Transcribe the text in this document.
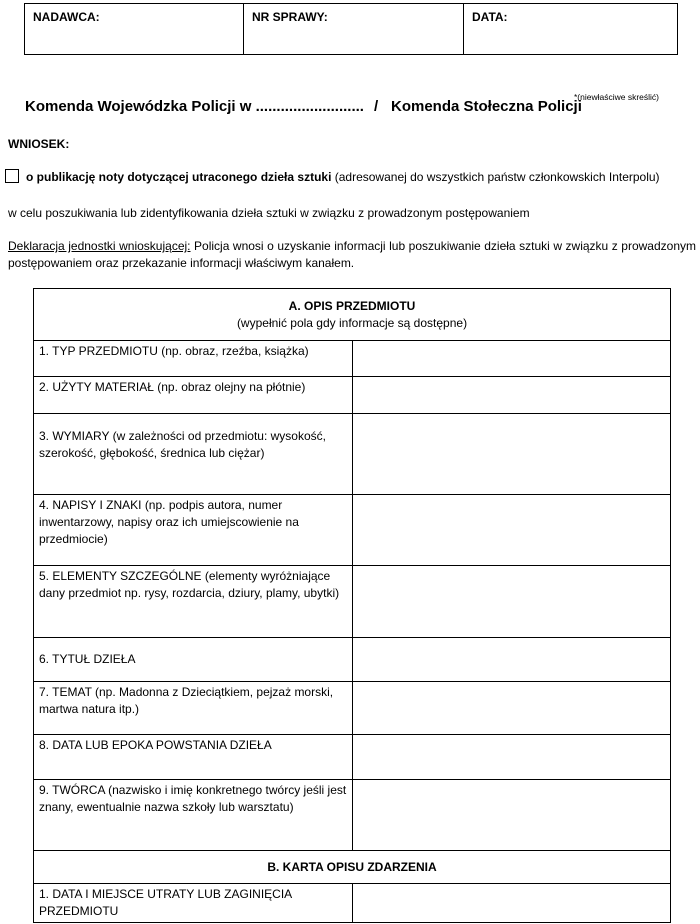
NADAWCA:	NR SPRAWY:	DATA:
Komenda Wojewódzka Policji w .......................... / Komenda Stołeczna Policji
*(niewłaściwe skreślić)
WNIOSEK:
o publikację noty dotyczącej utraconego dzieła sztuki (adresowanej do wszystkich państw członkowskich Interpolu)
w celu poszukiwania lub zidentyfikowania dzieła sztuki w związku z prowadzonym postępowaniem
Deklaracja jednostki wnioskującej: Policja wnosi o uzyskanie informacji lub poszukiwanie dzieła sztuki w związku z prowadzonym postępowaniem oraz przekazanie informacji właściwym kanałem.
A. OPIS PRZEDMIOTU
(wypełnić pola gdy informacje są dostępne)	

1. TYP PRZEDMIOTU (np. obraz, rzeźba, książka)	
2. UŻYTY MATERIAŁ (np. obraz olejny na płótnie)	
3. WYMIARY (w zależności od przedmiotu: wysokość, szerokość, głębokość, średnica lub ciężar)	
4. NAPISY I ZNAKI (np. podpis autora, numer inwentarzowy, napisy oraz ich umiejscowienie na przedmiocie)	
5. ELEMENTY SZCZEGÓLNE (elementy wyróżniające dany przedmiot np. rysy, rozdarcia, dziury, plamy, ubytki)	
6. TYTUŁ DZIEŁA	
7. TEMAT (np. Madonna z Dzieciątkiem, pejzaż morski, martwa natura itp.)	
8. DATA LUB EPOKA POWSTANIA DZIEŁA	
9. TWÓRCA (nazwisko i imię konkretnego twórcy jeśli jest znany, ewentualnie nazwa szkoły lub warsztatu)	

B. KARTA OPISU ZDARZENIA	

1. DATA I MIEJSCE UTRATY LUB ZAGINIĘCIA PRZEDMIOTU	
